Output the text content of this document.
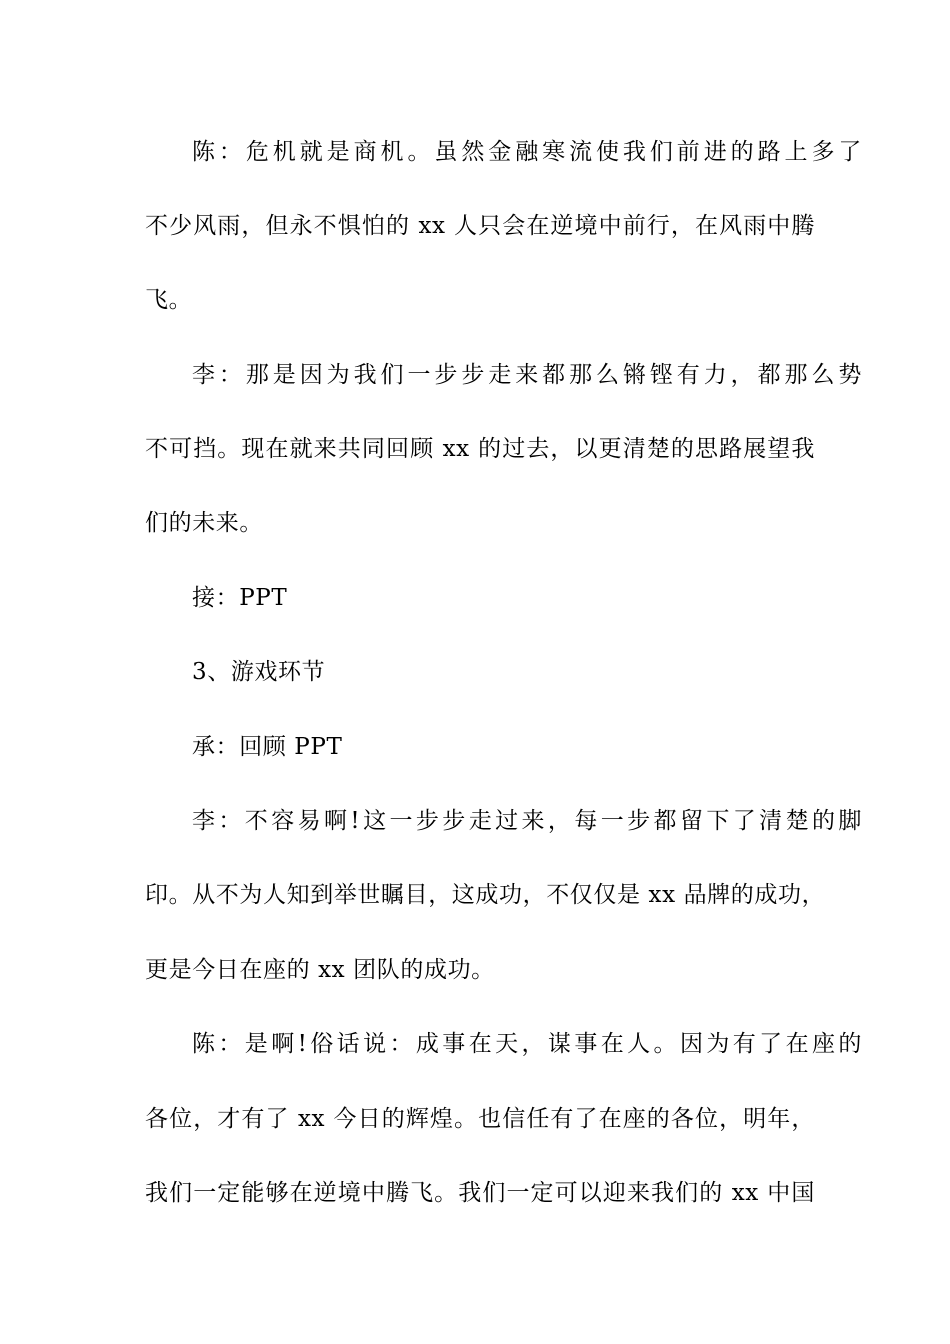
陈：危机就是商机。虽然金融寒流使我们前进的路上多了
不少风雨，但永不惧怕的 xx 人只会在逆境中前行，在风雨中腾
飞。
李：那是因为我们一步步走来都那么锵铿有力，都那么势
不可挡。现在就来共同回顾 xx 的过去，以更清楚的思路展望我
们的未来。
接：PPT
3、游戏环节
承：回顾 PPT
李：不容易啊!这一步步走过来，每一步都留下了清楚的脚
印。从不为人知到举世瞩目，这成功，不仅仅是 xx 品牌的成功，
更是今日在座的 xx 团队的成功。
陈：是啊!俗话说：成事在天，谋事在人。因为有了在座的
各位，才有了 xx 今日的辉煌。也信任有了在座的各位，明年，
我们一定能够在逆境中腾飞。我们一定可以迎来我们的 xx 中国
